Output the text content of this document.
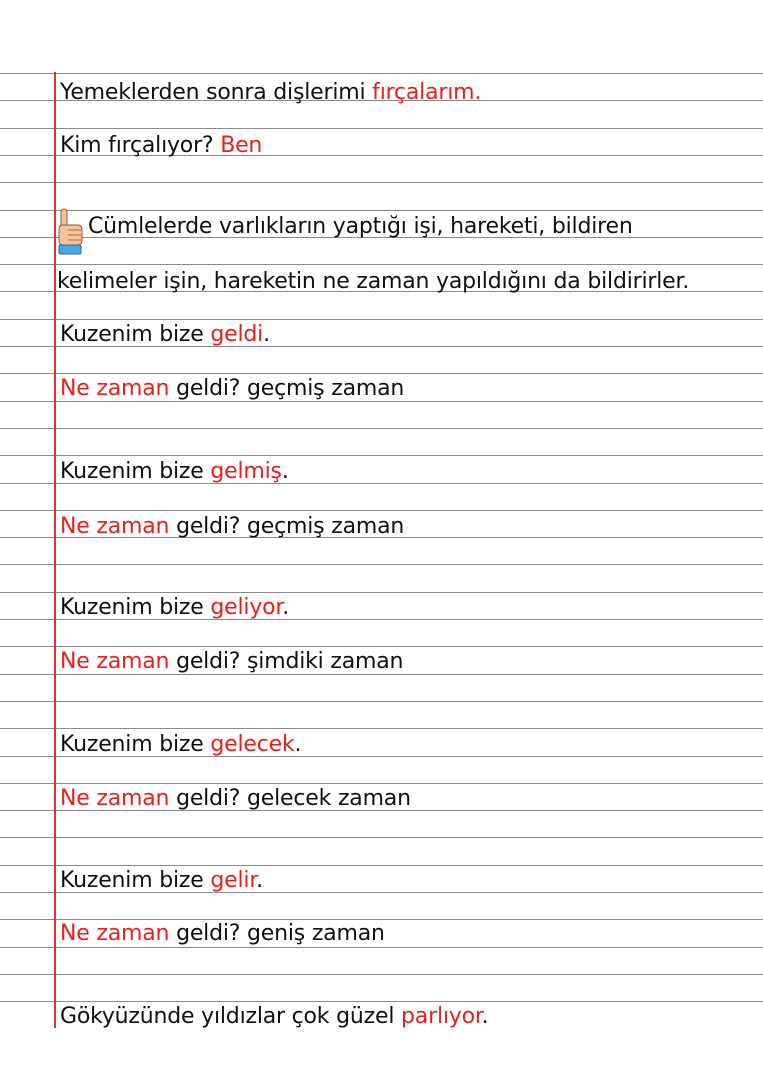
Yemeklerden sonra dişlerimi fırçalarım.
Kim fırçalıyor? Ben
Cümlelerde varlıkların yaptığı işi, hareketi, bildiren
kelimeler işin, hareketin ne zaman yapıldığını da bildirirler.
Kuzenim bize geldi.
Ne zaman geldi? geçmiş zaman
Kuzenim bize gelmiş.
Ne zaman geldi? geçmiş zaman
Kuzenim bize geliyor.
Ne zaman geldi? şimdiki zaman
Kuzenim bize gelecek.
Ne zaman geldi? gelecek zaman
Kuzenim bize gelir.
Ne zaman geldi? geniş zaman
Gökyüzünde yıldızlar çok güzel parlıyor.
